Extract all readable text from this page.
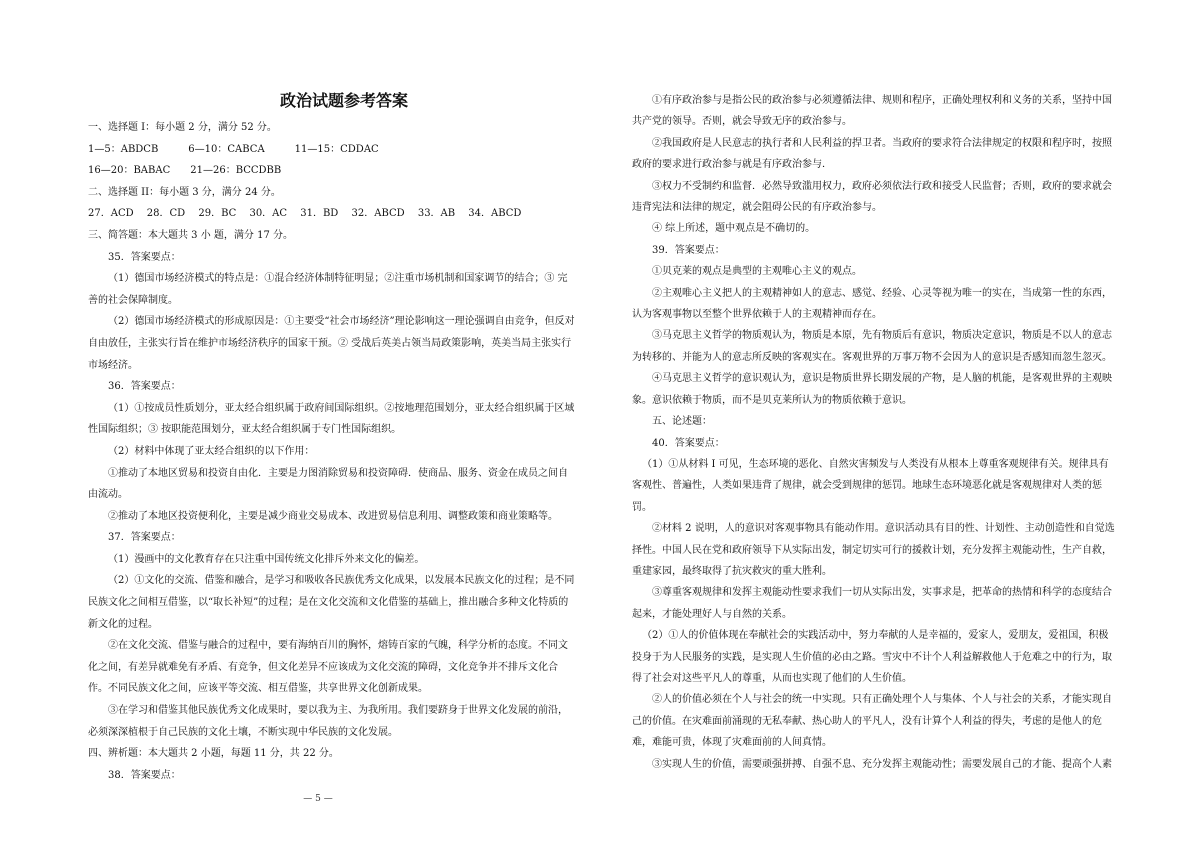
政治试题参考答案
一、选择题 I：每小题 2 分，满分 52 分。
1—5：ABDCB　　　6—10：CABCA　　　11—15：CDDAC
16—20：BABAC　　21—26：BCCDBB
二、选择题 II：每小题 3 分，满分 24 分。
27．ACD　 28．CD　 29．BC　 30．AC　 31．BD　 32．ABCD　 33．AB　 34．ABCD
三、简答题：本大题共 3 小 题，满分 17 分。
35．答案要点：
（1）德国市场经济模式的特点是：①混合经济体制特征明显；②注重市场机制和国家调节的结合；③ 完
善的社会保障制度。
（2）德国市场经济模式的形成原因是：①主要受“社会市场经济”理论影响这一理论强调自由竞争，但反对
自由放任，主张实行旨在维护市场经济秩序的国家干预。② 受战后英美占领当局政策影响，英美当局主张实行
市场经济。
36．答案要点：
（1）①按成员性质划分，亚太经合组织属于政府间国际组织。②按地理范围划分，亚太经合组织属于区域
性国际组织；③ 按职能范围划分，亚太经合组织属于专门性国际组织。
（2）材料中体现了亚太经合组织的以下作用：
①推动了本地区贸易和投资自由化．主要是力图消除贸易和投资障碍．使商品、服务、资金在成员之间自
由流动。
②推动了本地区投资便利化，主要是减少商业交易成本、改进贸易信息利用、调整政策和商业策略等。
37．答案要点：
（1）漫画中的文化教育存在只注重中国传统文化排斥外来文化的偏差。
（2）①文化的交流、借鉴和融合，是学习和吸收各民族优秀文化成果，以发展本民族文化的过程；是不同
民族文化之间相互借鉴，以“取长补短”的过程；是在文化交流和文化借鉴的基础上，推出融合多种文化特质的
新文化的过程。
②在文化交流、借鉴与融合的过程中，要有海纳百川的胸怀，熔铸百家的气魄，科学分析的态度。不同文
化之间，有差异就难免有矛盾、有竞争，但文化差异不应该成为文化交流的障碍，文化竞争并不排斥文化合
作。不同民族文化之间，应该平等交流、相互借鉴，共享世界文化创新成果。
③在学习和借鉴其他民族优秀文化成果时，要以我为主、为我所用。我们要跻身于世界文化发展的前沿，
必须深深植根于自己民族的文化土壤，不断实现中华民族的文化发展。
四、辨析题：本大题共 2 小题，每题 11 分，共 22 分。
38．答案要点：
①有序政治参与是指公民的政治参与必须遵循法律、规则和程序，正确处理权利和义务的关系，坚持中国
共产党的领导。否则，就会导致无序的政治参与。
②我国政府是人民意志的执行者和人民利益的捍卫者。当政府的要求符合法律规定的权限和程序时，按照
政府的要求进行政治参与就是有序政治参与．
③权力不受制约和监督．必然导致滥用权力，政府必须依法行政和接受人民监督；否则，政府的要求就会
违背宪法和法律的规定，就会阻碍公民的有序政治参与。
④ 综上所述，题中观点是不确切的。
39．答案要点：
①贝克莱的观点是典型的主观唯心主义的观点。
②主观唯心主义把人的主观精神如人的意志、感觉、经验、心灵等视为唯一的实在，当成第一性的东西，
认为客观事物以至整个世界依赖于人的主观精神而存在。
③马克思主义哲学的物质观认为，物质是本原，先有物质后有意识，物质决定意识，物质是不以人的意志
为转移的、并能为人的意志所反映的客观实在。客观世界的万事万物不会因为人的意识是否感知而忽生忽灭。
④马克思主义哲学的意识观认为，意识是物质世界长期发展的产物，是人脑的机能，是客观世界的主观映
象。意识依赖于物质，而不是贝克莱所认为的物质依赖于意识。
五、论述题：
40．答案要点：
（1）①从材料 I 可见，生态环境的恶化、自然灾害频发与人类没有从根本上尊重客观规律有关。规律具有
客观性、普遍性，人类如果违背了规律，就会受到规律的惩罚。地球生态环境恶化就是客观规律对人类的惩
罚。
②材料 2 说明，人的意识对客观事物具有能动作用。意识活动具有目的性、计划性、主动创造性和自觉选
择性。中国人民在党和政府领导下从实际出发，制定切实可行的援救计划，充分发挥主观能动性，生产自救，
重建家园，最终取得了抗灾救灾的重大胜利。
③尊重客观规律和发挥主观能动性要求我们一切从实际出发，实事求是，把革命的热情和科学的态度结合
起来，才能处理好人与自然的关系。
（2）①人的价值体现在奉献社会的实践活动中，努力奉献的人是幸福的，爱家人，爱朋友，爱祖国，积极
投身于为人民服务的实践，是实现人生价值的必由之路。雪灾中不计个人利益解救他人于危难之中的行为，取
得了社会对这些平凡人的尊重，从而也实现了他们的人生价值。
②人的价值必须在个人与社会的统一中实现。只有正确处理个人与集体、个人与社会的关系，才能实现自
己的价值。在灾难面前涌现的无私奉献、热心助人的平凡人，没有计算个人利益的得失，考虑的是他人的危
难，难能可贵，体现了灾难面前的人间真情。
③实现人生的价值，需要顽强拼搏、自强不息、充分发挥主观能动性；需要发展自己的才能、提高个人素
— 5 —
